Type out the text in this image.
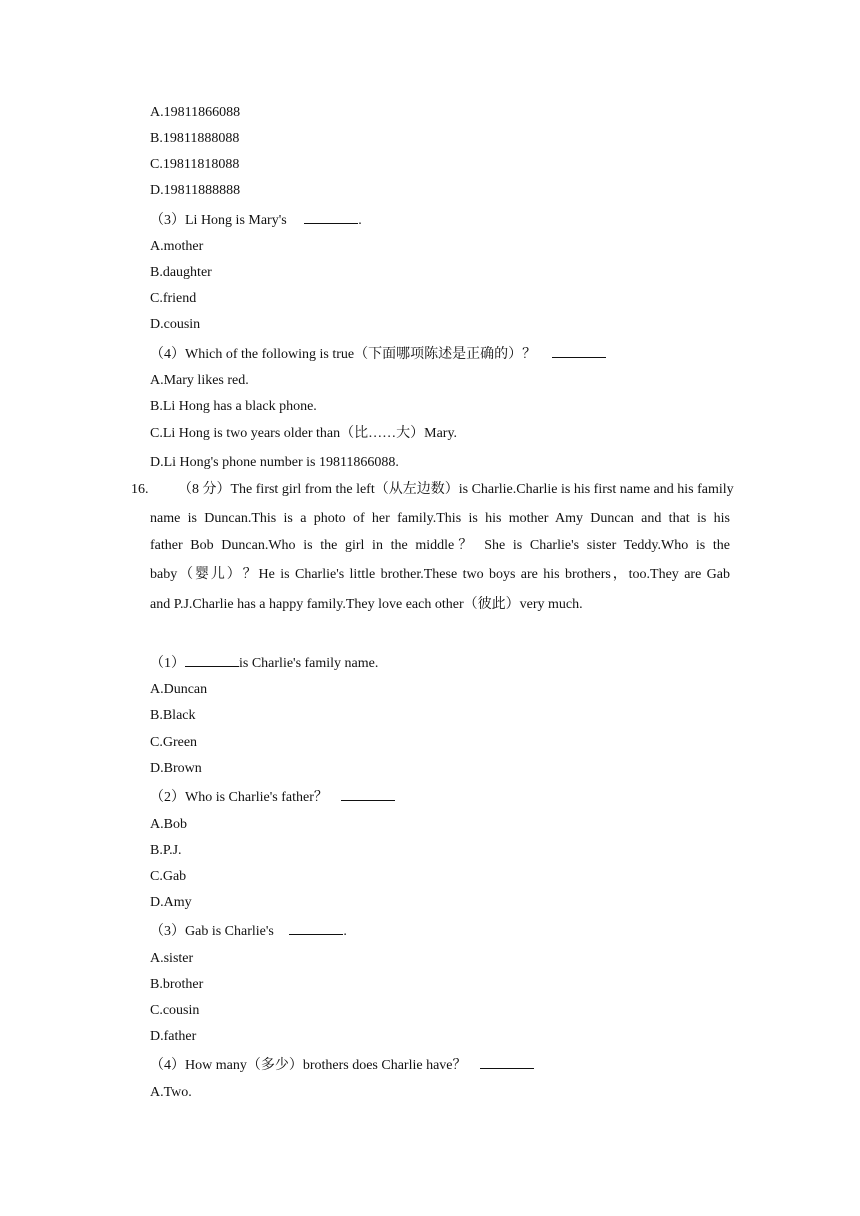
A.19811866088
B.19811888088
C.19811818088
D.19811888888
（3）Li Hong is Mary's	.
A.mother
B.daughter
C.friend
D.cousin
（4）Which of the following is true（下面哪项陈述是正确的）？
A.Mary likes red.
B.Li Hong has a black phone.
C.Li Hong is two years older than（比……大）Mary.
D.Li Hong's phone number is 19811866088.
16. （8 分）The first girl from the left（从左边数）is Charlie.Charlie is his first name and his family
name is Duncan.This is a photo of her family.This is his mother Amy Duncan and that is his
father Bob Duncan.Who is the girl in the middle？ She is Charlie's sister Teddy.Who is the
baby（婴儿）？He is Charlie's little brother.These two boys are his brothers，too.They are Gab
and P.J.Charlie has a happy family.They love each other（彼此）very much.
（1）	is Charlie's family name.
A.Duncan
B.Black
C.Green
D.Brown
（2）Who is Charlie's father？
A.Bob
B.P.J.
C.Gab
D.Amy
（3）Gab is Charlie's	.
A.sister
B.brother
C.cousin
D.father
（4）How many（多少）brothers does Charlie have？
A.Two.
